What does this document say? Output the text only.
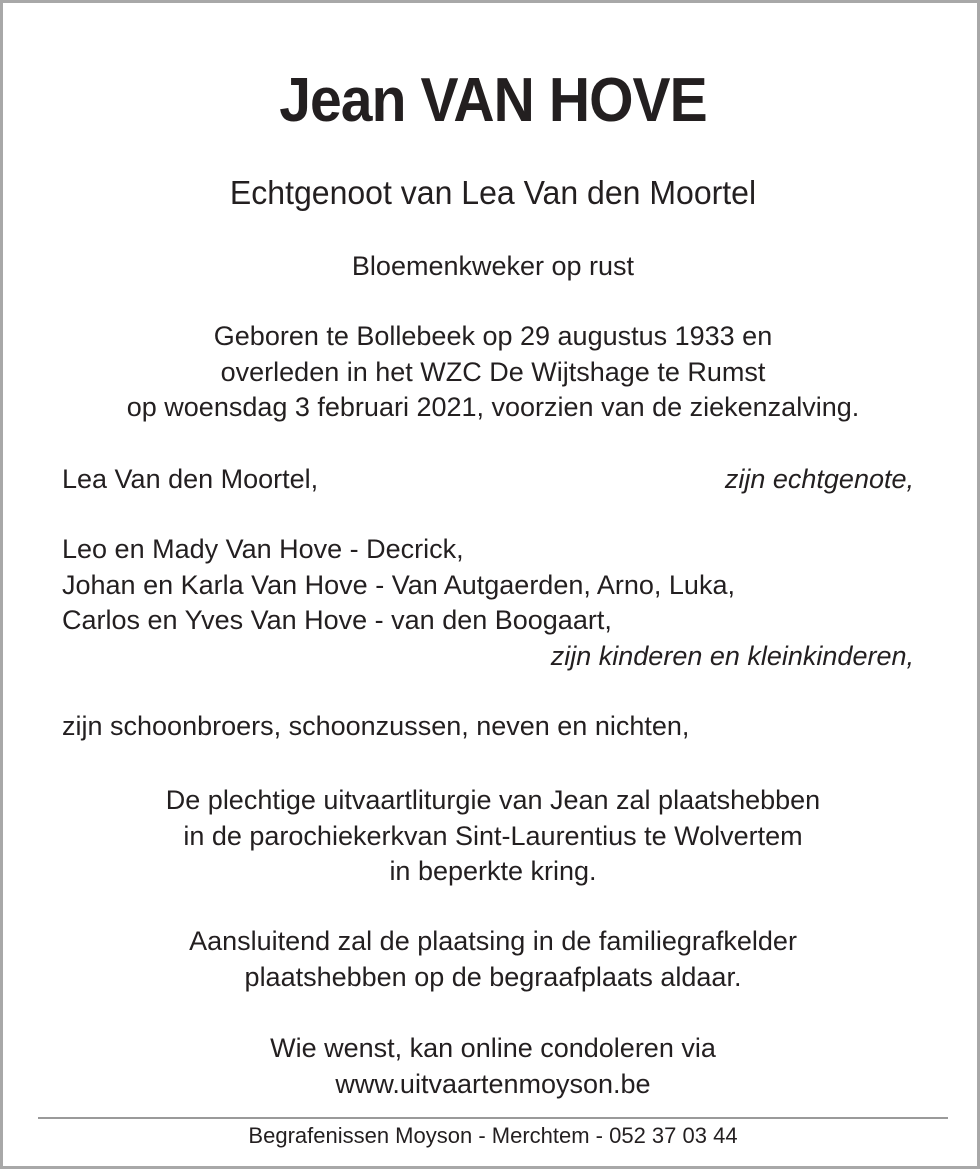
Jean VAN HOVE
Echtgenoot van Lea Van den Moortel

Bloemenkweker op rust

Geboren te Bollebeek op 29 augustus 1933 en

overleden in het WZC De Wijtshage te Rumst

op woensdag 3 februari 2021, voorzien van de ziekenzalving.

Lea Van den Moortel,	zijn echtgenote,
Leo en Mady Van Hove - Decrick,
Johan en Karla Van Hove - Van Autgaerden, Arno, Luka,
Carlos en Yves Van Hove - van den Boogaart,
zijn kinderen en kleinkinderen,
zijn schoonbroers, schoonzussen, neven en nichten,

De plechtige uitvaartliturgie van Jean zal plaatshebben

in de parochiekerkvan Sint-Laurentius te Wolvertem

in beperkte kring.

Aansluitend zal de plaatsing in de familiegrafkelder

plaatshebben op de begraafplaats aldaar.

Wie wenst, kan online condoleren via

www.uitvaartenmoyson.be

Begrafenissen Moyson - Merchtem - 052 37 03 44
